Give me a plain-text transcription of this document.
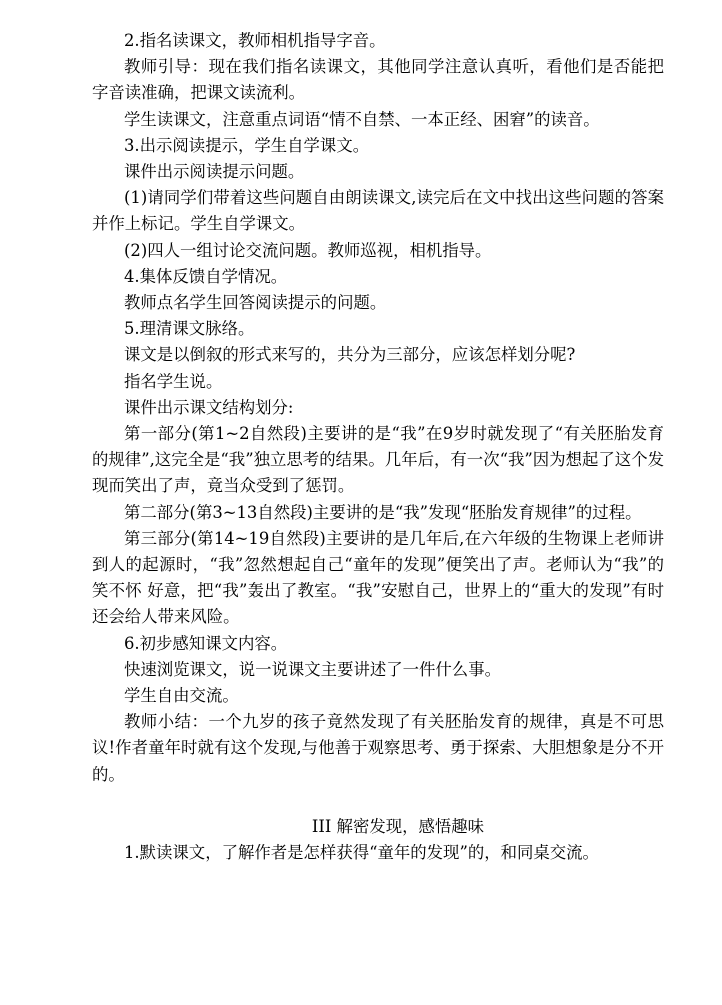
2.指名读课文，教师相机指导字音。

教师引导：现在我们指名读课文，其他同学注意认真听，看他们是否能把字音读准确，把课文读流利。

学生读课文，注意重点词语“情不自禁、一本正经、困窘”的读音。

3.出示阅读提示，学生自学课文。

课件出示阅读提示问题。

(1)请同学们带着这些问题自由朗读课文,读完后在文中找出这些问题的答案并作上标记。学生自学课文。

(2)四人一组讨论交流问题。教师巡视，相机指导。

4.集体反馈自学情况。

教师点名学生回答阅读提示的问题。

5.理清课文脉络。

课文是以倒叙的形式来写的，共分为三部分，应该怎样划分呢?

指名学生说。

课件出示课文结构划分:

第一部分(第1~2自然段)主要讲的是“我”在9岁时就发现了“有关胚胎发育的规律”,这完全是“我”独立思考的结果。几年后，有一次“我”因为想起了这个发现而笑出了声，竟当众受到了惩罚。

第二部分(第3~13自然段)主要讲的是“我”发现“胚胎发育规律”的过程。

第三部分(第14~19自然段)主要讲的是几年后,在六年级的生物课上老师讲到人的起源时，“我”忽然想起自己“童年的发现”便笑出了声。老师认为“我”的笑不怀 好意，把“我”轰出了教室。“我”安慰自己，世界上的“重大的发现”有时还会给人带来风险。

6.初步感知课文内容。

快速浏览课文，说一说课文主要讲述了一件什么事。

学生自由交流。

教师小结：一个九岁的孩子竟然发现了有关胚胎发育的规律，真是不可思议!作者童年时就有这个发现,与他善于观察思考、勇于探索、大胆想象是分不开的。

III 解密发现，感悟趣味

1.默读课文，了解作者是怎样获得“童年的发现”的，和同桌交流。
